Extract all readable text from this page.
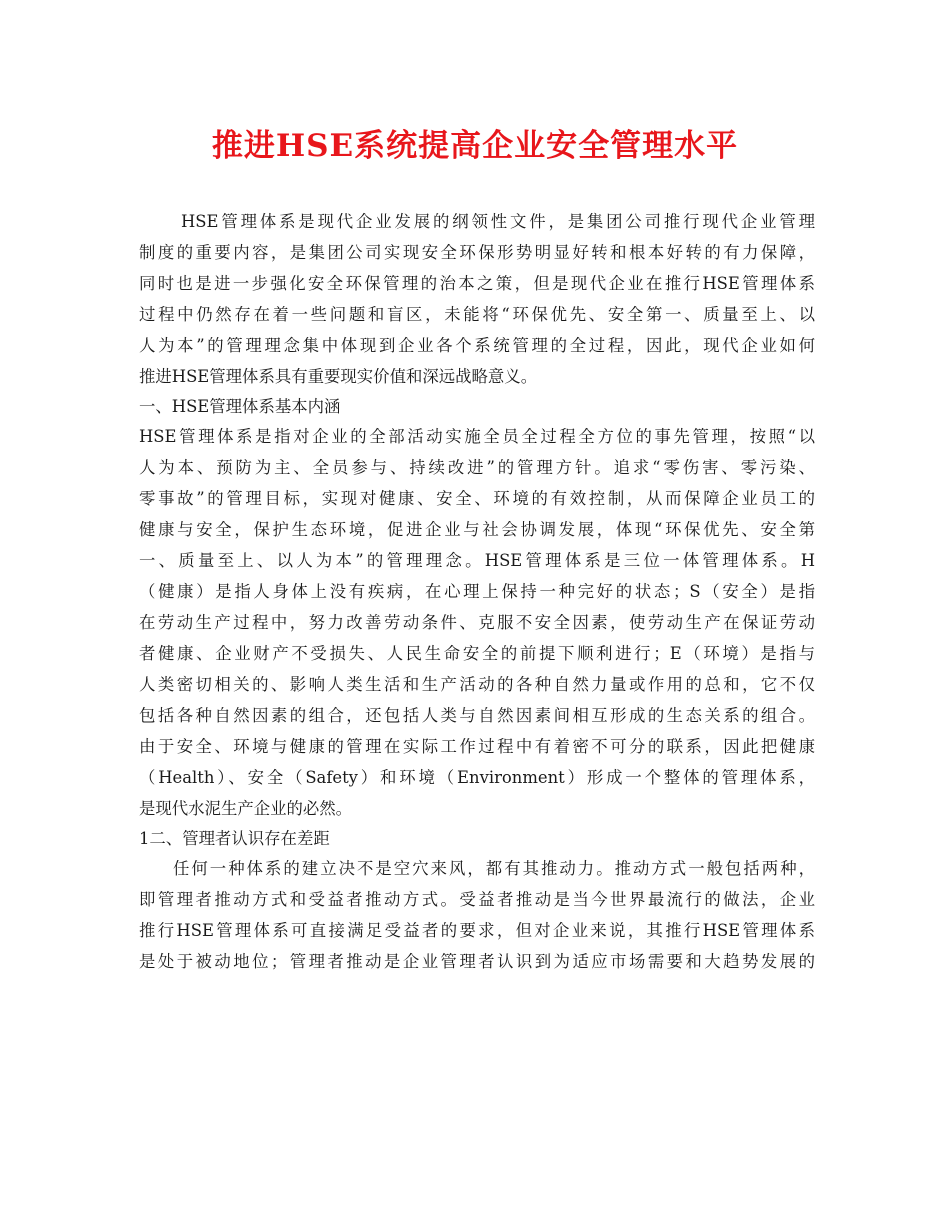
推进HSE系统提高企业安全管理水平
HSE管理体系是现代企业发展的纲领性文件，是集团公司推行现代企业管理
制度的重要内容，是集团公司实现安全环保形势明显好转和根本好转的有力保障，
同时也是进一步强化安全环保管理的治本之策，但是现代企业在推行HSE管理体系
过程中仍然存在着一些问题和盲区，未能将“环保优先、安全第一、质量至上、以
人为本”的管理理念集中体现到企业各个系统管理的全过程，因此，现代企业如何
推进HSE管理体系具有重要现实价值和深远战略意义。
一、HSE管理体系基本内涵
HSE管理体系是指对企业的全部活动实施全员全过程全方位的事先管理，按照“以
人为本、预防为主、全员参与、持续改进”的管理方针。追求“零伤害、零污染、
零事故”的管理目标，实现对健康、安全、环境的有效控制，从而保障企业员工的
健康与安全，保护生态环境，促进企业与社会协调发展，体现“环保优先、安全第
一、质量至上、以人为本”的管理理念。HSE管理体系是三位一体管理体系。H
（健康）是指人身体上没有疾病，在心理上保持一种完好的状态；S（安全）是指
在劳动生产过程中，努力改善劳动条件、克服不安全因素，使劳动生产在保证劳动
者健康、企业财产不受损失、人民生命安全的前提下顺利进行；E（环境）是指与
人类密切相关的、影响人类生活和生产活动的各种自然力量或作用的总和，它不仅
包括各种自然因素的组合，还包括人类与自然因素间相互形成的生态关系的组合。
由于安全、环境与健康的管理在实际工作过程中有着密不可分的联系，因此把健康
（Health）、安全（Safety）和环境（Environment）形成一个整体的管理体系，
是现代水泥生产企业的必然。
1二、管理者认识存在差距
任何一种体系的建立决不是空穴来风，都有其推动力。推动方式一般包括两种，
即管理者推动方式和受益者推动方式。受益者推动是当今世界最流行的做法，企业
推行HSE管理体系可直接满足受益者的要求，但对企业来说，其推行HSE管理体系
是处于被动地位；管理者推动是企业管理者认识到为适应市场需要和大趋势发展的
